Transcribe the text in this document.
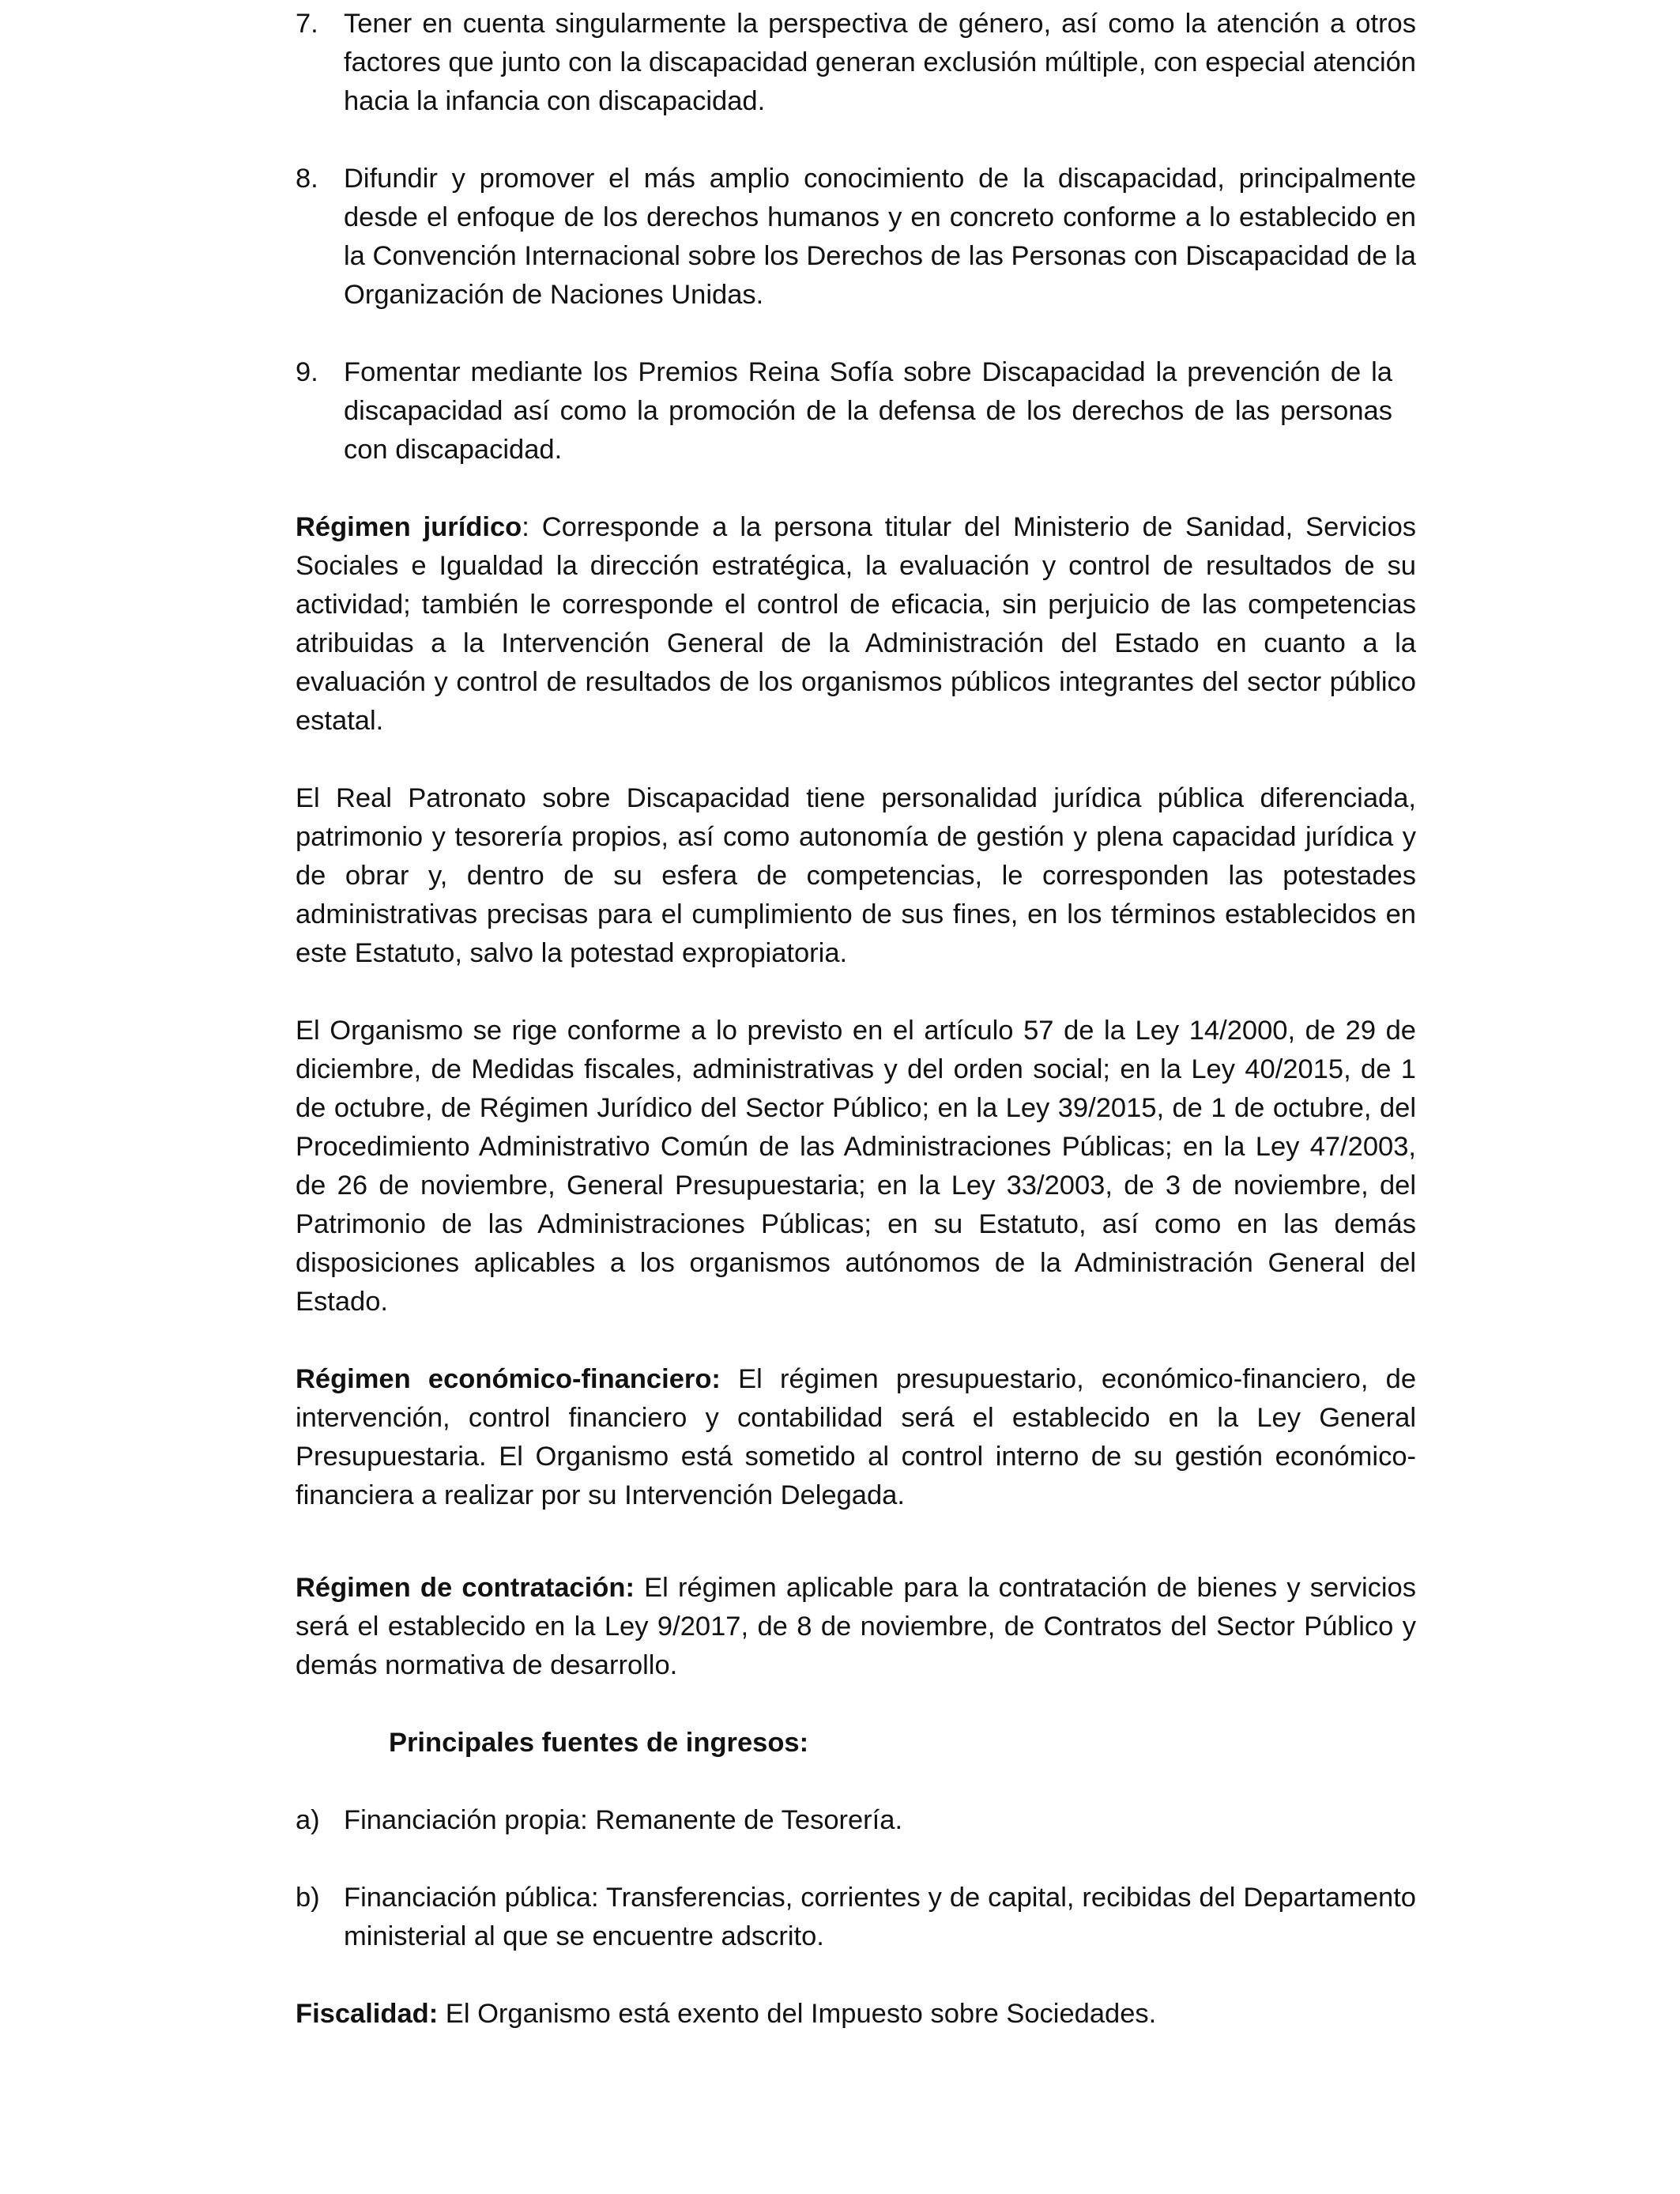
7. Tener en cuenta singularmente la perspectiva de género, así como la atención a otros factores que junto con la discapacidad generan exclusión múltiple, con especial atención hacia la infancia con discapacidad.
8. Difundir y promover el más amplio conocimiento de la discapacidad, principalmente desde el enfoque de los derechos humanos y en concreto conforme a lo establecido en la Convención Internacional sobre los Derechos de las Personas con Discapacidad de la Organización de Naciones Unidas.
9. Fomentar mediante los Premios Reina Sofía sobre Discapacidad la prevención de la discapacidad así como la promoción de la defensa de los derechos de las personas con discapacidad.

Régimen jurídico: Corresponde a la persona titular del Ministerio de Sanidad, Servicios Sociales e Igualdad la dirección estratégica, la evaluación y control de resultados de su actividad; también le corresponde el control de eficacia, sin perjuicio de las competencias atribuidas a la Intervención General de la Administración del Estado en cuanto a la evaluación y control de resultados de los organismos públicos integrantes del sector público estatal.

El Real Patronato sobre Discapacidad tiene personalidad jurídica pública diferenciada, patrimonio y tesorería propios, así como autonomía de gestión y plena capacidad jurídica y de obrar y, dentro de su esfera de competencias, le corresponden las potestades administrativas precisas para el cumplimiento de sus fines, en los términos establecidos en este Estatuto, salvo la potestad expropiatoria.

El Organismo se rige conforme a lo previsto en el artículo 57 de la Ley 14/2000, de 29 de diciembre, de Medidas fiscales, administrativas y del orden social; en la Ley 40/2015, de 1 de octubre, de Régimen Jurídico del Sector Público; en la Ley 39/2015, de 1 de octubre, del Procedimiento Administrativo Común de las Administraciones Públicas; en la Ley 47/2003, de 26 de noviembre, General Presupuestaria; en la Ley 33/2003, de 3 de noviembre, del Patrimonio de las Administraciones Públicas; en su Estatuto, así como en las demás disposiciones aplicables a los organismos autónomos de la Administración General del Estado.

Régimen económico-financiero: El régimen presupuestario, económico-financiero, de intervención, control financiero y contabilidad será el establecido en la Ley General Presupuestaria. El Organismo está sometido al control interno de su gestión económico-financiera a realizar por su Intervención Delegada.

Régimen de contratación: El régimen aplicable para la contratación de bienes y servicios será el establecido en la Ley 9/2017, de 8 de noviembre, de Contratos del Sector Público y demás normativa de desarrollo.

Principales fuentes de ingresos:

a) Financiación propia: Remanente de Tesorería.
b) Financiación pública: Transferencias, corrientes y de capital, recibidas del Departamento ministerial al que se encuentre adscrito.

Fiscalidad: El Organismo está exento del Impuesto sobre Sociedades.
